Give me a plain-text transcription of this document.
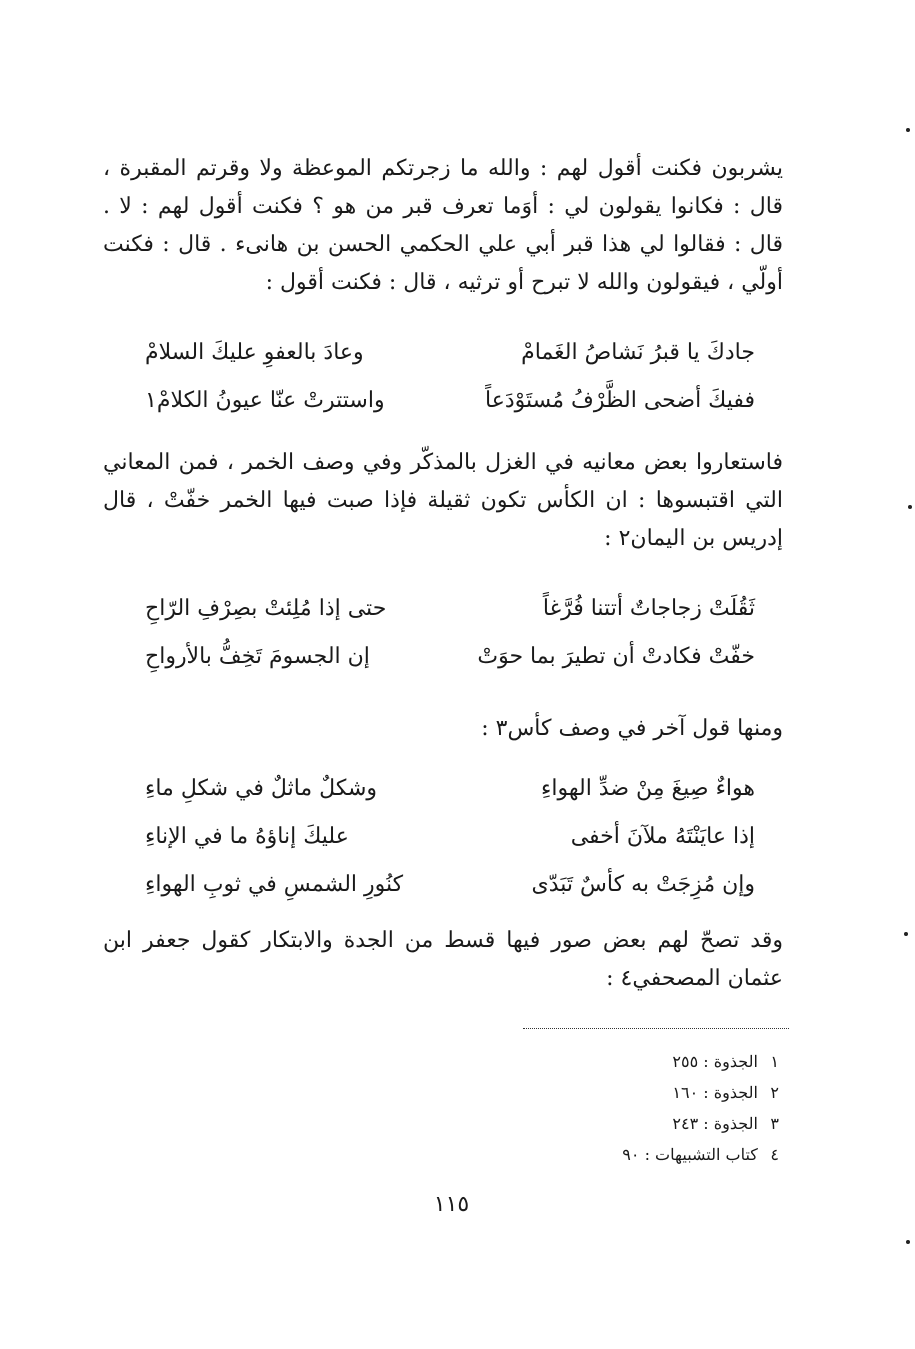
يشربون فكنت أقول لهم : والله ما زجرتكم الموعظة ولا وقرتم المقبرة ، قال : فكانوا يقولون لي : أوَما تعرف قبر من هو ؟ فكنت أقول لهم : لا . قال : فقالوا لي هذا قبر أبي علي الحكمي الحسن بن هانىء . قال : فكنت أولّي ، فيقولون والله لا تبرح أو ترثيه ، قال : فكنت أقول :

جادكَ يا قبرُ نَشاصُ الغَمامْ
وعادَ بالعفوِ عليكَ السلامْ
ففيكَ أضحى الظَّرْفُ مُستَوْدَعاً
واستترتْ عنّا عيونُ الكلامْ١

فاستعاروا بعض معانيه في الغزل بالمذكّر وفي وصف الخمر ، فمن المعاني التي اقتبسوها : ان الكأس تكون ثقيلة فإذا صبت فيها الخمر خفّتْ ، قال إدريس بن اليمان٢ :

ثَقُلَتْ زجاجاتٌ أتتنا فُرَّغاً
حتى إذا مُلِئتْ بصِرْفِ الرّاحِ
خفّتْ فكادتْ أن تطيرَ بما حوَتْ
إن الجسومَ تَخِفُّ بالأرواحِ

ومنها قول آخر في وصف كأس٣ :

هواءٌ صِيغَ مِنْ ضدِّ الهواءِ
وشكلٌ ماثلٌ في شكلِ ماءِ
إذا عايَنْتَهُ ملآنَ أخفى
عليكَ إناؤهُ ما في الإناءِ
وإن مُزِجَتْ به كأسٌ تَبَدّى
كنُورِ الشمسِ في ثوبِ الهواءِ

وقد تصحّ لهم بعض صور فيها قسط من الجدة والابتكار كقول جعفر ابن عثمان المصحفي٤ :

١ الجذوة : ٢٥٥
٢ الجذوة : ١٦٠
٣ الجذوة : ٢٤٣
٤ كتاب التشبيهات : ٩٠
١١٥
